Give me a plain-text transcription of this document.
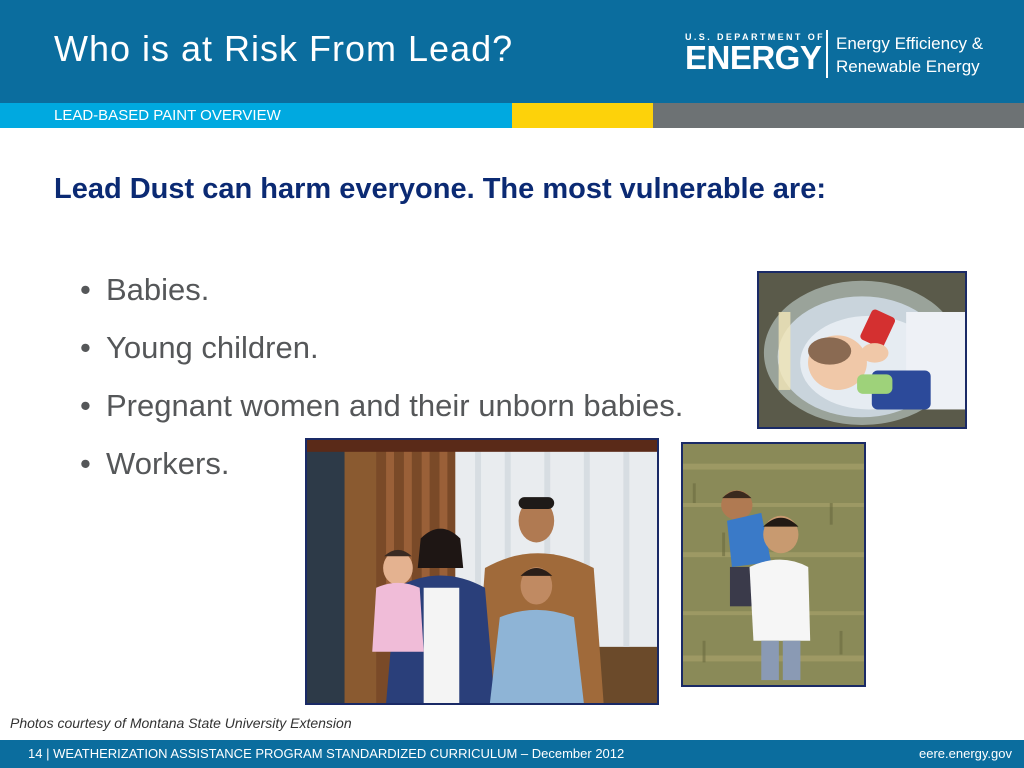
Who is at Risk From Lead?	U.S. DEPARTMENT OF
ENERGY Energy Efficiency &
Renewable Energy
LEAD-BASED PAINT OVERVIEW
Lead Dust can harm everyone. The most vulnerable are:
• Babies.
• Young children.
• Pregnant women and their unborn babies.
• Workers.
Photos courtesy of Montana State University Extension
14 | WEATHERIZATION ASSISTANCE PROGRAM STANDARDIZED CURRICULUM – December 2012	eere.energy.gov
